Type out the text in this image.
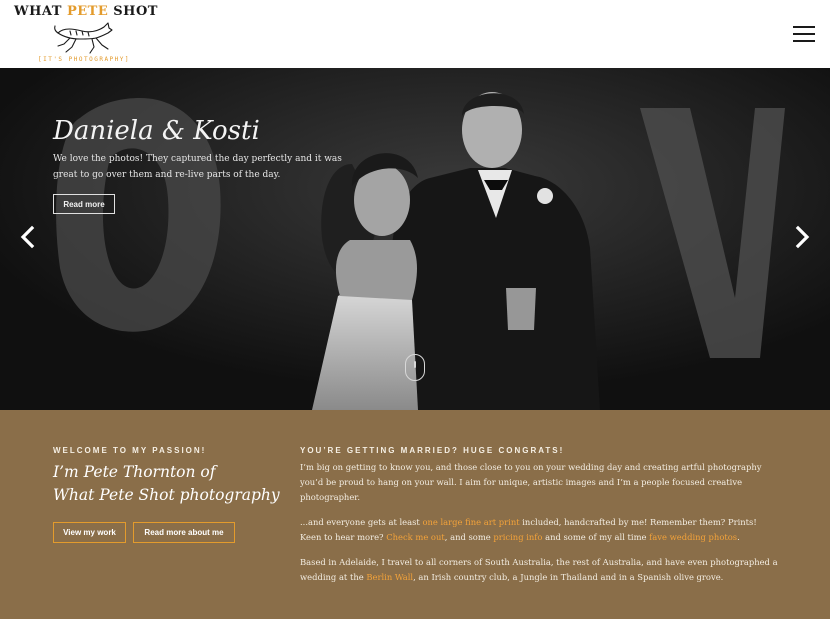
WHAT PETE SHOT
[IT'S PHOTOGRAPHY]
Daniela & Kosti
We love the photos! They captured the day perfectly and it was great to go over them and re-live parts of the day.
Read more
WELCOME TO MY PASSION!
I’m Pete Thornton of
What Pete Shot photography
View my work	Read more about me
YOU’RE GETTING MARRIED? HUGE CONGRATS!

I’m big on getting to know you, and those close to you on your wedding day and creating artful photography you’d be proud to hang on your wall. I aim for unique, artistic images and I’m a people focused creative photographer.

...and everyone gets at least one large fine art print included, handcrafted by me! Remember them? Prints! Keen to hear more? Check me out, and some pricing info and some of my all time fave wedding photos.

Based in Adelaide, I travel to all corners of South Australia, the rest of Australia, and have even photographed a wedding at the Berlin Wall, an Irish country club, a Jungle in Thailand and in a Spanish olive grove.
